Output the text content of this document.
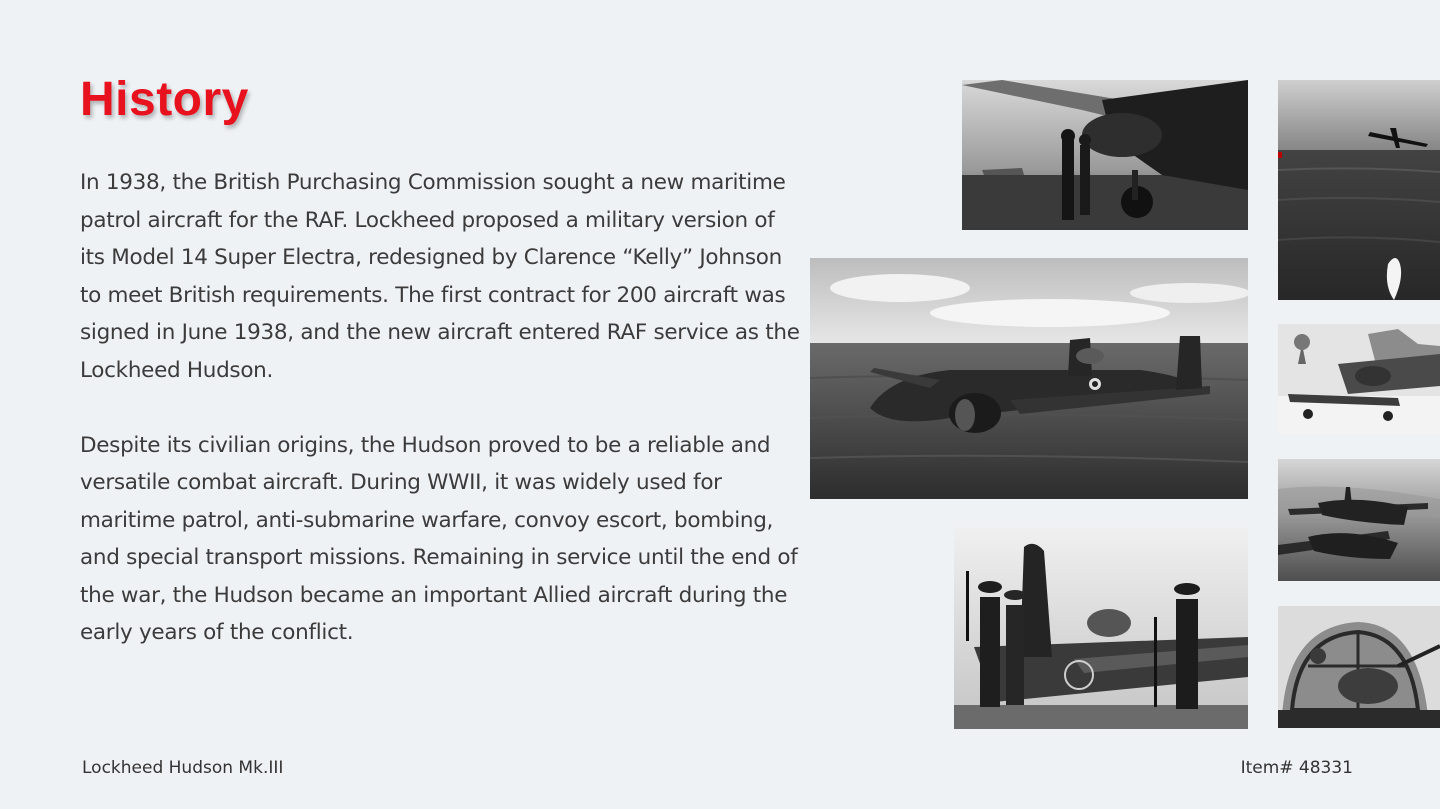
History

In 1938, the British Purchasing Commission sought a new maritime patrol aircraft for the RAF. Lockheed proposed a military version of its Model 14 Super Electra, redesigned by Clarence “Kelly” Johnson to meet British requirements. The first contract for 200 aircraft was signed in June 1938, and the new aircraft entered RAF service as the Lockheed Hudson.

Despite its civilian origins, the Hudson proved to be a reliable and versatile combat aircraft. During WWII, it was widely used for maritime patrol, anti-submarine warfare, convoy escort, bombing, and special transport missions. Remaining in service until the end of the war, the Hudson became an important Allied aircraft during the early years of the conflict.

Lockheed Hudson Mk.III	Item# 48331
